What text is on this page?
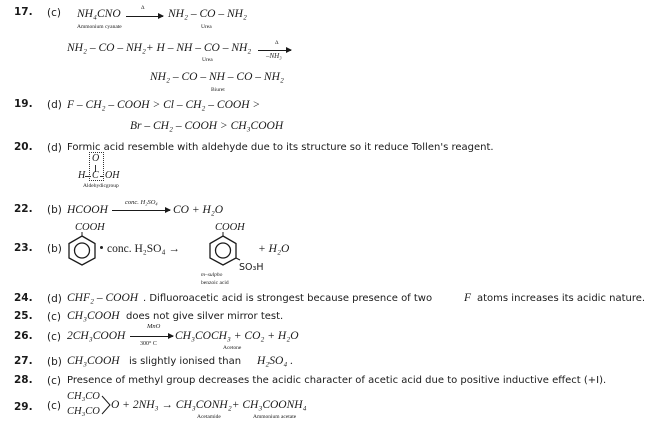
17. (c) NH₄CNO
Ammonium cyanate
Δ NH₂ – CO – NH₂
Urea
NH₂ – CO – NH₂+ H – NH – CO – NH₂
Urea
Δ
–NH₃
NH₂ – CO – NH – CO – NH₂
Biuret
19. (d) F – CH₂ – COOH > Cl – CH₂ – COOH >
Br – CH₂ – COOH > CH₃COOH
20. (d) Formic acid resemble with aldehyde due to its structure so it reduce Tollen's reagent.
O
H C OH
Aldehydicgroup
22. (b) HCOOH
conc. H₂SO₄
CO + H₂O
23. (b)
COOH
conc. H₂SO₄ →
COOH
SO₃H
+ H₂O
m–sulpho
benzoic acid
24. (d) CHF₂ – COOH . Difluoroacetic acid is strongest because presence of two	F atoms increases its acidic nature.
25. (c) CH₃COOH does not give silver mirror test.
26. (c) 2CH₃COOH
MnO
300° C
CH₃COCH₃ + CO₂ + H₂O
Acetone
27. (b) CH₃COOH is slightly ionised than H₂SO₄ .
28. (c) Presence of methyl group decreases the acidic character of acetic acid due to positive inductive effect (+I).
29. (c)
CH₃CO
CH₃CO
O + 2NH₃ → CH₃CONH₂+ CH₃COONH₄
Acetamide	Ammonium acetate
